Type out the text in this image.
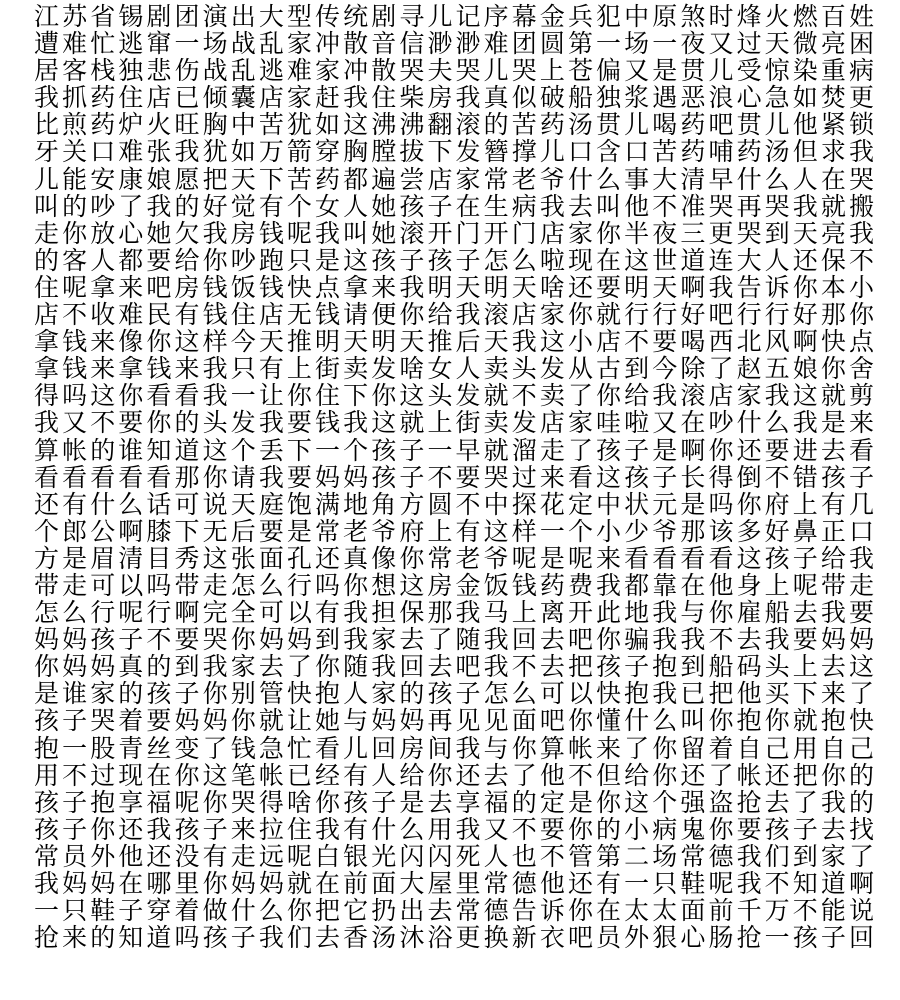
江苏省锡剧团演出大型传统剧寻儿记序幕金兵犯中原煞时烽火燃百姓
遭难忙逃窜一场战乱家冲散音信渺渺难团圆第一场一夜又过天微亮困
居客栈独悲伤战乱逃难家冲散哭夫哭儿哭上苍偏又是贯儿受惊染重病
我抓药住店已倾囊店家赶我住柴房我真似破船独浆遇恶浪心急如焚更
比煎药炉火旺胸中苦犹如这沸沸翻滚的苦药汤贯儿喝药吧贯儿他紧锁
牙关口难张我犹如万箭穿胸膛拔下发簪撑儿口含口苦药哺药汤但求我
儿能安康娘愿把天下苦药都遍尝店家常老爷什么事大清早什么人在哭
叫的吵了我的好觉有个女人她孩子在生病我去叫他不准哭再哭我就搬
走你放心她欠我房钱呢我叫她滚开门开门店家你半夜三更哭到天亮我
的客人都要给你吵跑只是这孩子孩子怎么啦现在这世道连大人还保不
住呢拿来吧房钱饭钱快点拿来我明天明天啥还要明天啊我告诉你本小
店不收难民有钱住店无钱请便你给我滚店家你就行行好吧行行好那你
拿钱来像你这样今天推明天明天推后天我这小店不要喝西北风啊快点
拿钱来拿钱来我只有上街卖发啥女人卖头发从古到今除了赵五娘你舍
得吗这你看看我一让你住下你这头发就不卖了你给我滚店家我这就剪
我又不要你的头发我要钱我这就上街卖发店家哇啦又在吵什么我是来
算帐的谁知道这个丢下一个孩子一早就溜走了孩子是啊你还要进去看
看看看看看那你请我要妈妈孩子不要哭过来看这孩子长得倒不错孩子
还有什么话可说天庭饱满地角方圆不中探花定中状元是吗你府上有几
个郎公啊膝下无后要是常老爷府上有这样一个小少爷那该多好鼻正口
方是眉清目秀这张面孔还真像你常老爷呢是呢来看看看看这孩子给我
带走可以吗带走怎么行吗你想这房金饭钱药费我都靠在他身上呢带走
怎么行呢行啊完全可以有我担保那我马上离开此地我与你雇船去我要
妈妈孩子不要哭你妈妈到我家去了随我回去吧你骗我我不去我要妈妈
你妈妈真的到我家去了你随我回去吧我不去把孩子抱到船码头上去这
是谁家的孩子你别管快抱人家的孩子怎么可以快抱我已把他买下来了
孩子哭着要妈妈你就让她与妈妈再见见面吧你懂什么叫你抱你就抱快
抱一股青丝变了钱急忙看儿回房间我与你算帐来了你留着自己用自己
用不过现在你这笔帐已经有人给你还去了他不但给你还了帐还把你的
孩子抱享福呢你哭得啥你孩子是去享福的定是你这个强盗抢去了我的
孩子你还我孩子来拉住我有什么用我又不要你的小病鬼你要孩子去找
常员外他还没有走远呢白银光闪闪死人也不管第二场常德我们到家了
我妈妈在哪里你妈妈就在前面大屋里常德他还有一只鞋呢我不知道啊
一只鞋子穿着做什么你把它扔出去常德告诉你在太太面前千万不能说
抢来的知道吗孩子我们去香汤沐浴更换新衣吧员外狠心肠抢一孩子回
